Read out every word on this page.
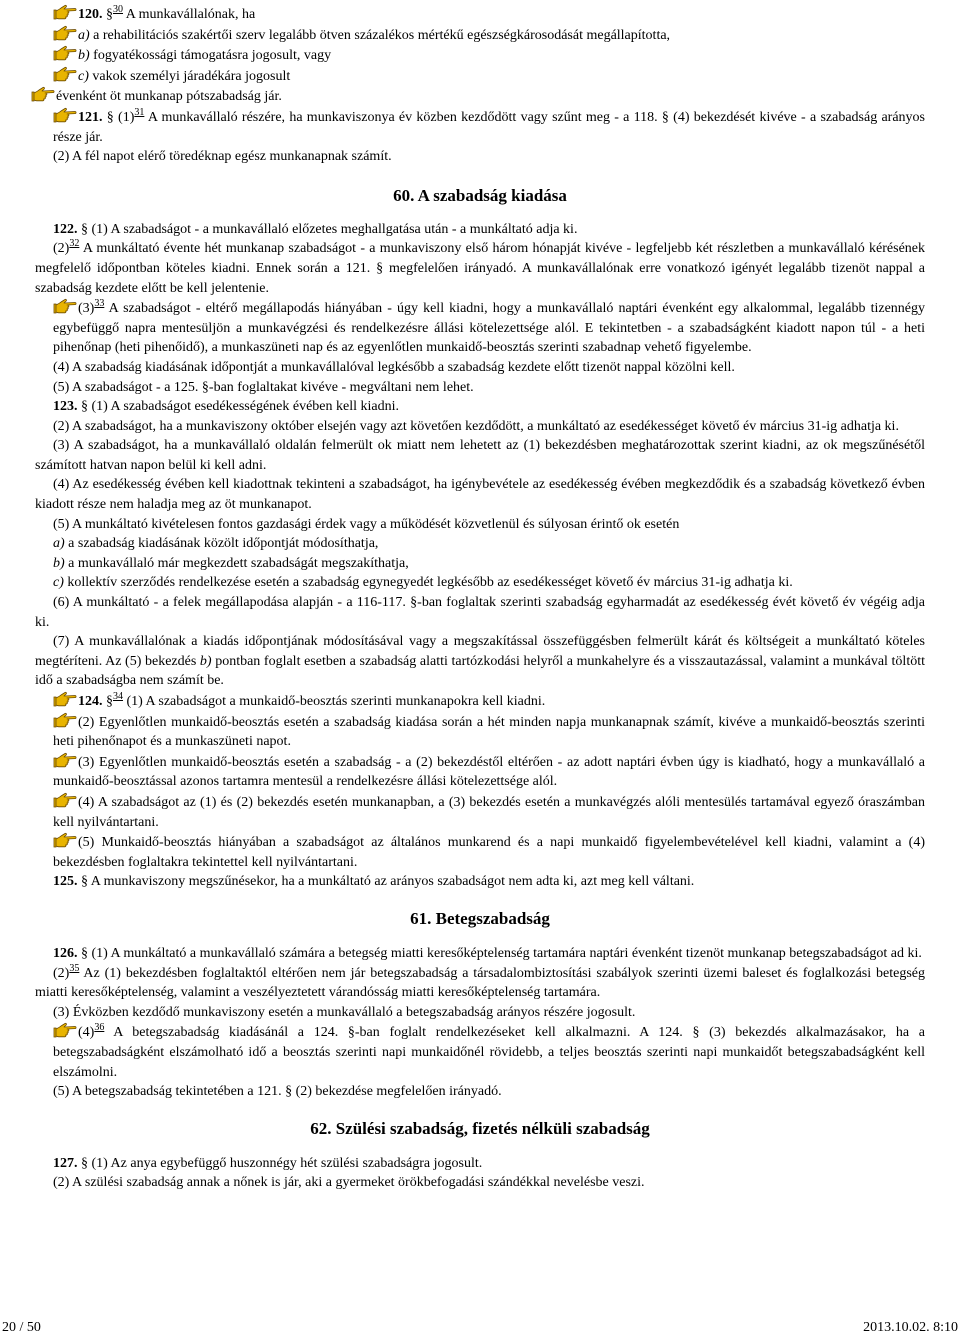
120. §$^{30}$ A munkavállalónak, ha

a) a rehabilitációs szakértői szerv legalább ötven százalékos mértékű egészségkárosodását megállapította,

b) fogyatékossági támogatásra jogosult, vagy

c) vakok személyi járadékára jogosult

évenként öt munkanap pótszabadság jár.

121. § $(1)^{31}$ A munkavállaló részére, ha munkaviszonya év közben kezdődött vagy szűnt meg - a 118. § (4) bekezdését kivéve - a szabadság arányos része jár.

(2) A fél napot elérő töredéknap egész munkanapnak számít.

60. A szabadság kiadása

122. § (1) A szabadságot - a munkavállaló előzetes meghallgatása után - a munkáltató adja ki.

$(2)^{32}$ A munkáltató évente hét munkanap szabadságot - a munkaviszony első három hónapját kivéve - legfeljebb két részletben a munkavállaló kérésének megfelelő időpontban köteles kiadni. Ennek során a 121. § megfelelően irányadó. A munkavállalónak erre vonatkozó igényét legalább tizenöt nappal a szabadság kezdete előtt be kell jelentenie.

$(3)^{33}$ A szabadságot - eltérő megállapodás hiányában - úgy kell kiadni, hogy a munkavállaló naptári évenként egy alkalommal, legalább tizennégy egybefüggő napra mentesüljön a munkavégzési és rendelkezésre állási kötelezettsége alól. E tekintetben - a szabadságként kiadott napon túl - a heti pihenőnap (heti pihenőidő), a munkaszüneti nap és az egyenlőtlen munkaidő-beosztás szerinti szabadnap vehető figyelembe.

(4) A szabadság kiadásának időpontját a munkavállalóval legkésőbb a szabadság kezdete előtt tizenöt nappal közölni kell.

(5) A szabadságot - a 125. §-ban foglaltakat kivéve - megváltani nem lehet.

123. § (1) A szabadságot esedékességének évében kell kiadni.

(2) A szabadságot, ha a munkaviszony október elsején vagy azt követően kezdődött, a munkáltató az esedékességet követő év március 31-ig adhatja ki.

(3) A szabadságot, ha a munkavállaló oldalán felmerült ok miatt nem lehetett az (1) bekezdésben meghatározottak szerint kiadni, az ok megszűnésétől számított hatvan napon belül ki kell adni.

(4) Az esedékesség évében kell kiadottnak tekinteni a szabadságot, ha igénybevétele az esedékesség évében megkezdődik és a szabadság következő évben kiadott része nem haladja meg az öt munkanapot.

(5) A munkáltató kivételesen fontos gazdasági érdek vagy a működését közvetlenül és súlyosan érintő ok esetén

a) a szabadság kiadásának közölt időpontját módosíthatja,

b) a munkavállaló már megkezdett szabadságát megszakíthatja,

c) kollektív szerződés rendelkezése esetén a szabadság egynegyedét legkésőbb az esedékességet követő év március 31-ig adhatja ki.

(6) A munkáltató - a felek megállapodása alapján - a 116-117. §-ban foglaltak szerinti szabadság egyharmadát az esedékesség évét követő év végéig adja ki.

(7) A munkavállalónak a kiadás időpontjának módosításával vagy a megszakítással összefüggésben felmerült kárát és költségeit a munkáltató köteles megtéríteni. Az (5) bekezdés b) pontban foglalt esetben a szabadság alatti tartózkodási helyről a munkahelyre és a visszautazással, valamint a munkával töltött idő a szabadságba nem számít be.

124. §$^{34}$ (1) A szabadságot a munkaidő-beosztás szerinti munkanapokra kell kiadni.

(2) Egyenlőtlen munkaidő-beosztás esetén a szabadság kiadása során a hét minden napja munkanapnak számít, kivéve a munkaidő-beosztás szerinti heti pihenőnapot és a munkaszüneti napot.

(3) Egyenlőtlen munkaidő-beosztás esetén a szabadság - a (2) bekezdéstől eltérően - az adott naptári évben úgy is kiadható, hogy a munkavállaló a munkaidő-beosztással azonos tartamra mentesül a rendelkezésre állási kötelezettsége alól.

(4) A szabadságot az (1) és (2) bekezdés esetén munkanapban, a (3) bekezdés esetén a munkavégzés alóli mentesülés tartamával egyező óraszámban kell nyilvántartani.

(5) Munkaidő-beosztás hiányában a szabadságot az általános munkarend és a napi munkaidő figyelembevételével kell kiadni, valamint a (4) bekezdésben foglaltakra tekintettel kell nyilvántartani.

125. § A munkaviszony megszűnésekor, ha a munkáltató az arányos szabadságot nem adta ki, azt meg kell váltani.

61. Betegszabadság

126. § (1) A munkáltató a munkavállaló számára a betegség miatti keresőképtelenség tartamára naptári évenként tizenöt munkanap betegszabadságot ad ki.

$(2)^{35}$ Az (1) bekezdésben foglaltaktól eltérően nem jár betegszabadság a társadalombiztosítási szabályok szerinti üzemi baleset és foglalkozási betegség miatti keresőképtelenség, valamint a veszélyeztetett várandósság miatti keresőképtelenség tartamára.

(3) Évközben kezdődő munkaviszony esetén a munkavállaló a betegszabadság arányos részére jogosult.

$(4)^{36}$ A betegszabadság kiadásánál a 124. §-ban foglalt rendelkezéseket kell alkalmazni. A 124. § (3) bekezdés alkalmazásakor, ha a betegszabadságként elszámolható idő a beosztás szerinti napi munkaidőnél rövidebb, a teljes beosztás szerinti napi munkaidőt betegszabadságként kell elszámolni.

(5) A betegszabadság tekintetében a 121. § (2) bekezdése megfelelően irányadó.

62. Szülési szabadság, fizetés nélküli szabadság

127. § (1) Az anya egybefüggő huszonnégy hét szülési szabadságra jogosult.

(2) A szülési szabadság annak a nőnek is jár, aki a gyermeket örökbefogadási szándékkal nevelésbe veszi.

20 / 50	2013.10.02. 8:10
